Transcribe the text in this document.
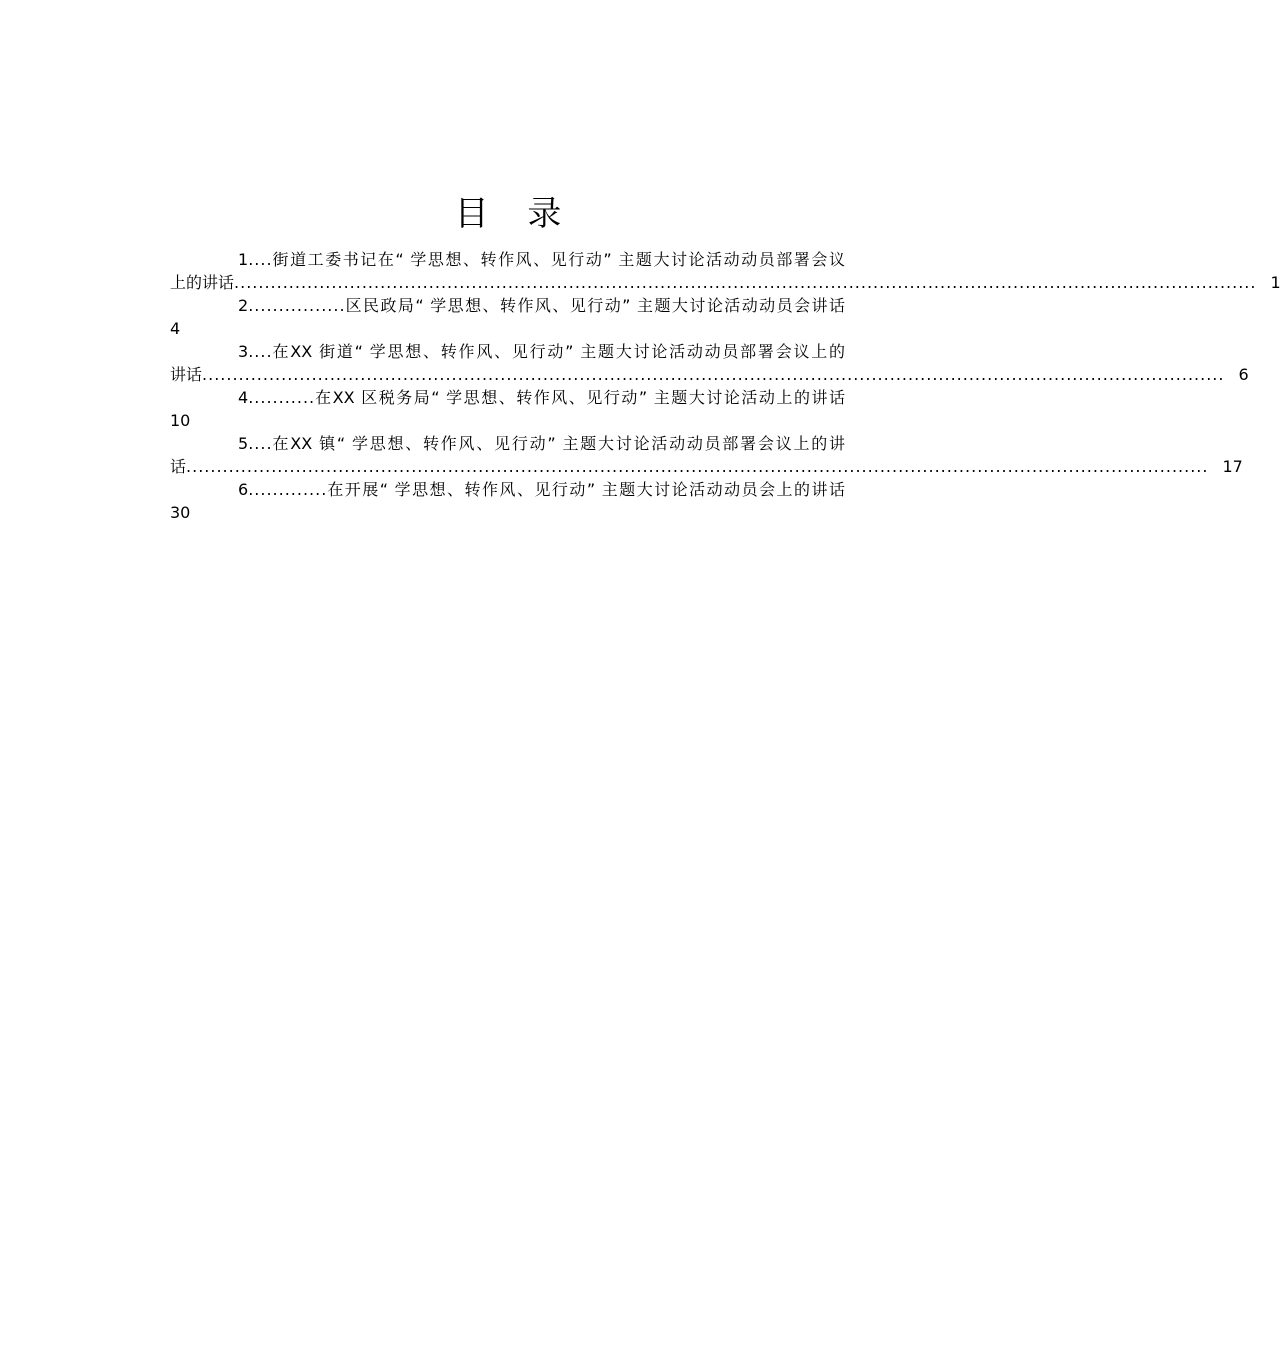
目 录
1 .... 街道工委书记在“ 学思想、转作风、见行动” 主题大讨论活动动员部署会议
上的讲话 ........................................................................................................................................................................ 1
2 ................ 区民政局“ 学思想、转作风、见行动” 主题大讨论活动动员会讲话
4
3 .... 在XX 街道“ 学思想、转作风、见行动” 主题大讨论活动动员部署会议上的
讲话 ........................................................................................................................................................................ 6
4 ........... 在XX 区税务局“ 学思想、转作风、见行动” 主题大讨论活动上的讲话
10
5 .... 在XX 镇“ 学思想、转作风、见行动” 主题大讨论活动动员部署会议上的讲
话 ........................................................................................................................................................................ 17
6 ............. 在开展“ 学思想、转作风、见行动” 主题大讨论活动动员会上的讲话
30
